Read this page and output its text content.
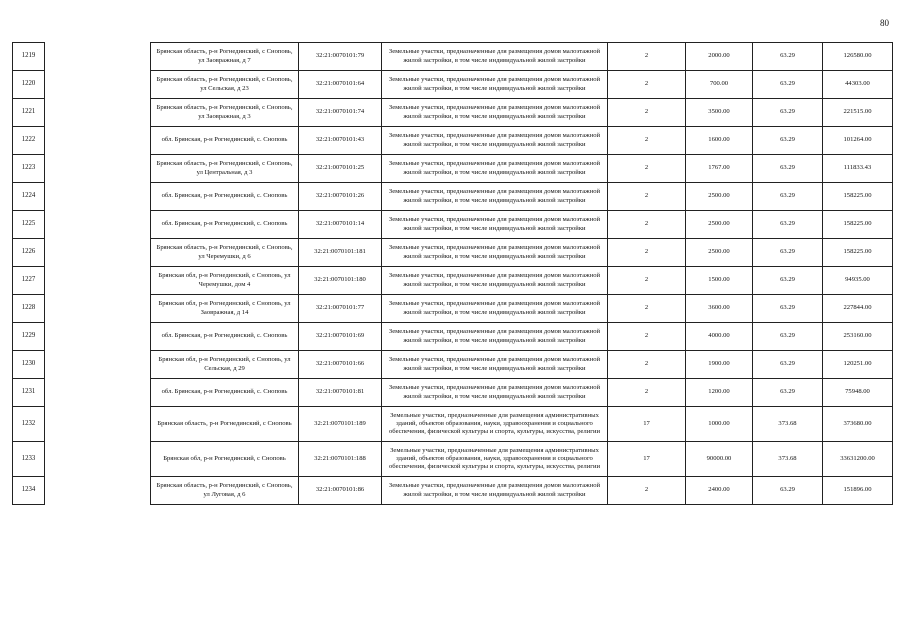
80
1219		Брянская область, р-н Рогнединский, с Сноповь, ул Заовражная, д 7	32:21:0070101:79	Земельные участки, предназначенные для размещения домов малоэтажной жилой застройки, в том числе индивидуальной жилой застройки	2	2000.00	63.29	126580.00
1220		Брянская область, р-н Рогнединский, с Сноповь, ул Сельская, д 23	32:21:0070101:64	Земельные участки, предназначенные для размещения домов малоэтажной жилой застройки, в том числе индивидуальной жилой застройки	2	700.00	63.29	44303.00
1221		Брянская область, р-н Рогнединский, с Сноповь, ул Заовражная, д 3	32:21:0070101:74	Земельные участки, предназначенные для размещения домов малоэтажной жилой застройки, в том числе индивидуальной жилой застройки	2	3500.00	63.29	221515.00
1222		обл. Брянская, р-н Рогнединский, с. Сноповь	32:21:0070101:43	Земельные участки, предназначенные для размещения домов малоэтажной жилой застройки, в том числе индивидуальной жилой застройки	2	1600.00	63.29	101264.00
1223		Брянская область, р-н Рогнединский, с Сноповь, ул Центральная, д 3	32:21:0070101:25	Земельные участки, предназначенные для размещения домов малоэтажной жилой застройки, в том числе индивидуальной жилой застройки	2	1767.00	63.29	111833.43
1224		обл. Брянская, р-н Рогнединский, с. Сноповь	32:21:0070101:26	Земельные участки, предназначенные для размещения домов малоэтажной жилой застройки, в том числе индивидуальной жилой застройки	2	2500.00	63.29	158225.00
1225		обл. Брянская, р-н Рогнединский, с. Сноповь	32:21:0070101:14	Земельные участки, предназначенные для размещения домов малоэтажной жилой застройки, в том числе индивидуальной жилой застройки	2	2500.00	63.29	158225.00
1226		Брянская область, р-н Рогнединский, с Сноповь, ул Черемушки, д 6	32:21:0070101:181	Земельные участки, предназначенные для размещения домов малоэтажной жилой застройки, в том числе индивидуальной жилой застройки	2	2500.00	63.29	158225.00
1227		Брянская обл, р-н Рогнединский, с Сноповь, ул Черемушки, дом 4	32:21:0070101:180	Земельные участки, предназначенные для размещения домов малоэтажной жилой застройки, в том числе индивидуальной жилой застройки	2	1500.00	63.29	94935.00
1228		Брянская обл, р-н Рогнединский, с Сноповь, ул Заовражная, д 14	32:21:0070101:77	Земельные участки, предназначенные для размещения домов малоэтажной жилой застройки, в том числе индивидуальной жилой застройки	2	3600.00	63.29	227844.00
1229		обл. Брянская, р-н Рогнединский, с. Сноповь	32:21:0070101:69	Земельные участки, предназначенные для размещения домов малоэтажной жилой застройки, в том числе индивидуальной жилой застройки	2	4000.00	63.29	253160.00
1230		Брянская обл, р-н Рогнединский, с Сноповь, ул Сельская, д 29	32:21:0070101:66	Земельные участки, предназначенные для размещения домов малоэтажной жилой застройки, в том числе индивидуальной жилой застройки	2	1900.00	63.29	120251.00
1231		обл. Брянская, р-н Рогнединский, с. Сноповь	32:21:0070101:81	Земельные участки, предназначенные для размещения домов малоэтажной жилой застройки, в том числе индивидуальной жилой застройки	2	1200.00	63.29	75948.00
1232		Брянская область, р-н Рогнединский, с Сноповь	32:21:0070101:189	Земельные участки, предназначенные для размещения административных зданий, объектов образования, науки, здравоохранения и социального обеспечения, физической культуры и спорта, культуры, искусства, религии	17	1000.00	373.68	373680.00
1233		Брянская обл, р-н Рогнединский, с Сноповь	32:21:0070101:188	Земельные участки, предназначенные для размещения административных зданий, объектов образования, науки, здравоохранения и социального обеспечения, физической культуры и спорта, культуры, искусства, религии	17	90000.00	373.68	33631200.00
1234		Брянская область, р-н Рогнединский, с Сноповь, ул Луговая, д 6	32:21:0070101:86	Земельные участки, предназначенные для размещения домов малоэтажной жилой застройки, в том числе индивидуальной жилой застройки	2	2400.00	63.29	151896.00
